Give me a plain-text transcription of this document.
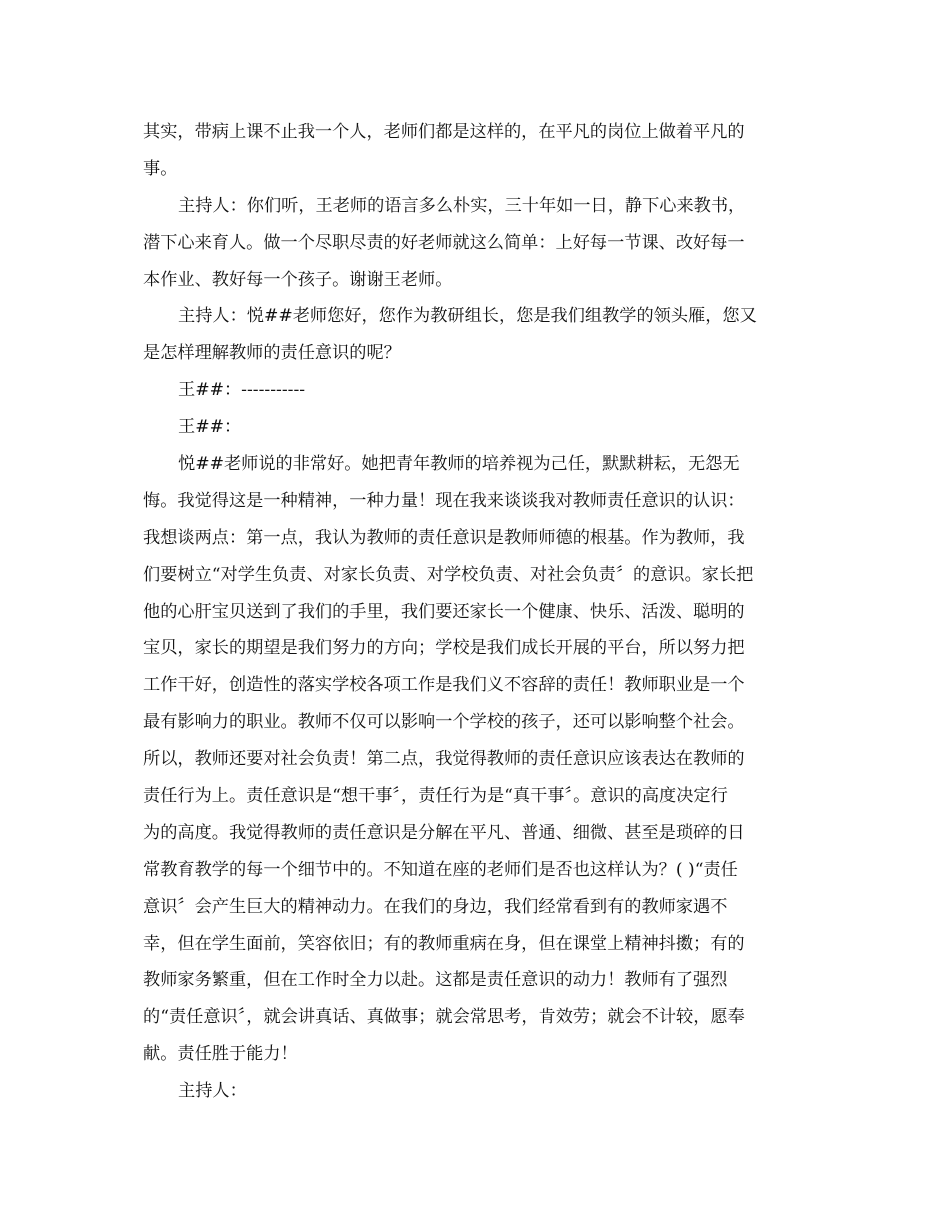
其实，带病上课不止我一个人，老师们都是这样的，在平凡的岗位上做着平凡的
事。
主持人：你们听，王老师的语言多么朴实，三十年如一日，静下心来教书，
潜下心来育人。做一个尽职尽责的好老师就这么简单：上好每一节课、改好每一
本作业、教好每一个孩子。谢谢王老师。
主持人：悦##老师您好，您作为教研组长，您是我们组教学的领头雁，您又
是怎样理解教师的责任意识的呢？
王##：-----------
王##：
悦##老师说的非常好。她把青年教师的培养视为己任，默默耕耘，无怨无
悔。我觉得这是一种精神，一种力量！现在我来谈谈我对教师责任意识的认识：
我想谈两点：第一点，我认为教师的责任意识是教师师德的根基。作为教师，我
们要树立“对学生负责、对家长负责、对学校负责、对社会负责〞的意识。家长把
他的心肝宝贝送到了我们的手里，我们要还家长一个健康、快乐、活泼、聪明的
宝贝，家长的期望是我们努力的方向；学校是我们成长开展的平台，所以努力把
工作干好，创造性的落实学校各项工作是我们义不容辞的责任！教师职业是一个
最有影响力的职业。教师不仅可以影响一个学校的孩子，还可以影响整个社会。
所以，教师还要对社会负责！第二点，我觉得教师的责任意识应该表达在教师的
责任行为上。责任意识是“想干事〞，责任行为是“真干事〞。意识的高度决定行
为的高度。我觉得教师的责任意识是分解在平凡、普通、细微、甚至是琐碎的日
常教育教学的每一个细节中的。不知道在座的老师们是否也这样认为？( )“责任
意识〞会产生巨大的精神动力。在我们的身边，我们经常看到有的教师家遇不
幸，但在学生面前，笑容依旧；有的教师重病在身，但在课堂上精神抖擞；有的
教师家务繁重，但在工作时全力以赴。这都是责任意识的动力！教师有了强烈
的“责任意识〞，就会讲真话、真做事；就会常思考，肯效劳；就会不计较，愿奉
献。责任胜于能力！
主持人：
